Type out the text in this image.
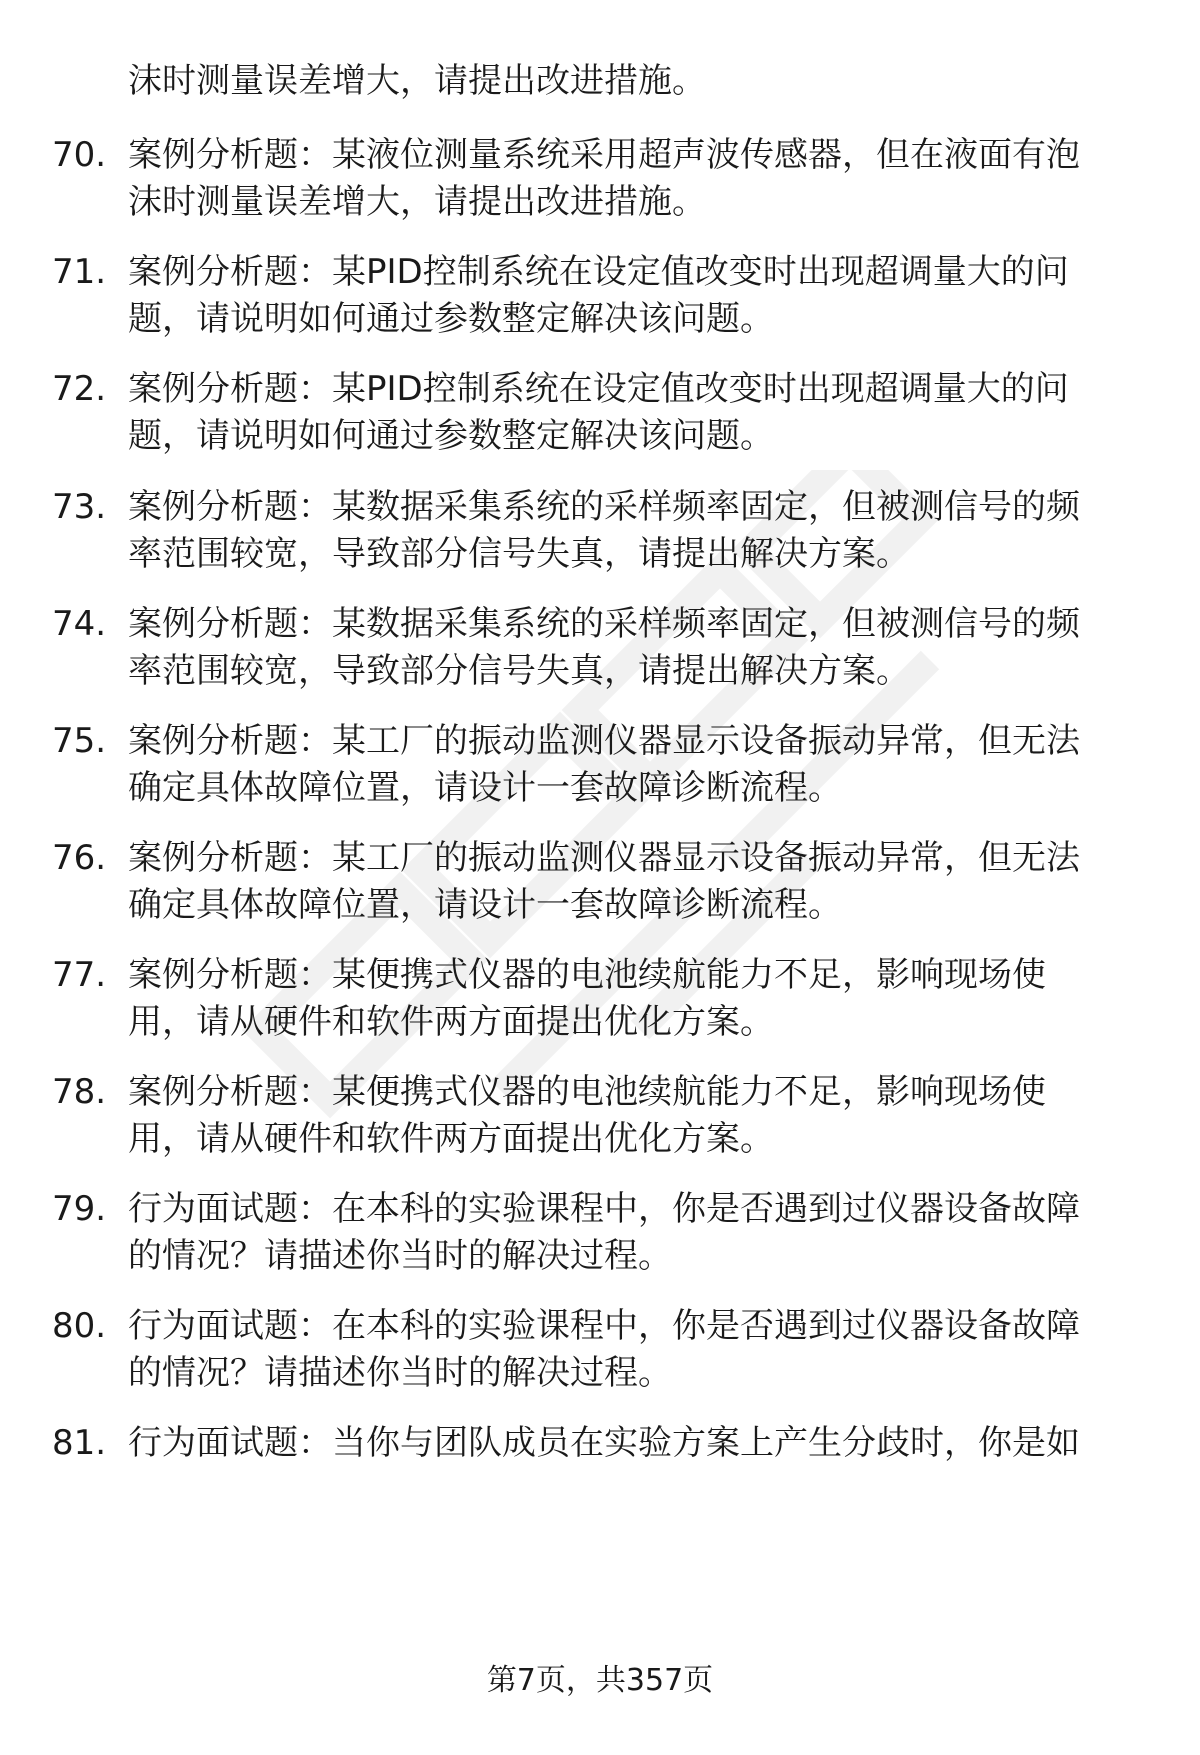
沫时测量误差增大，请提出改进措施。
70. 案例分析题：某液位测量系统采用超声波传感器，但在液面有泡
沫时测量误差增大，请提出改进措施。
71. 案例分析题：某PID控制系统在设定值改变时出现超调量大的问
题，请说明如何通过参数整定解决该问题。
72. 案例分析题：某PID控制系统在设定值改变时出现超调量大的问
题，请说明如何通过参数整定解决该问题。
73. 案例分析题：某数据采集系统的采样频率固定，但被测信号的频
率范围较宽，导致部分信号失真，请提出解决方案。
74. 案例分析题：某数据采集系统的采样频率固定，但被测信号的频
率范围较宽，导致部分信号失真，请提出解决方案。
75. 案例分析题：某工厂的振动监测仪器显示设备振动异常，但无法
确定具体故障位置，请设计一套故障诊断流程。
76. 案例分析题：某工厂的振动监测仪器显示设备振动异常，但无法
确定具体故障位置，请设计一套故障诊断流程。
77. 案例分析题：某便携式仪器的电池续航能力不足，影响现场使
用，请从硬件和软件两方面提出优化方案。
78. 案例分析题：某便携式仪器的电池续航能力不足，影响现场使
用，请从硬件和软件两方面提出优化方案。
79. 行为面试题：在本科的实验课程中，你是否遇到过仪器设备故障
的情况？请描述你当时的解决过程。
80. 行为面试题：在本科的实验课程中，你是否遇到过仪器设备故障
的情况？请描述你当时的解决过程。
81. 行为面试题：当你与团队成员在实验方案上产生分歧时，你是如
第7页，共357页
